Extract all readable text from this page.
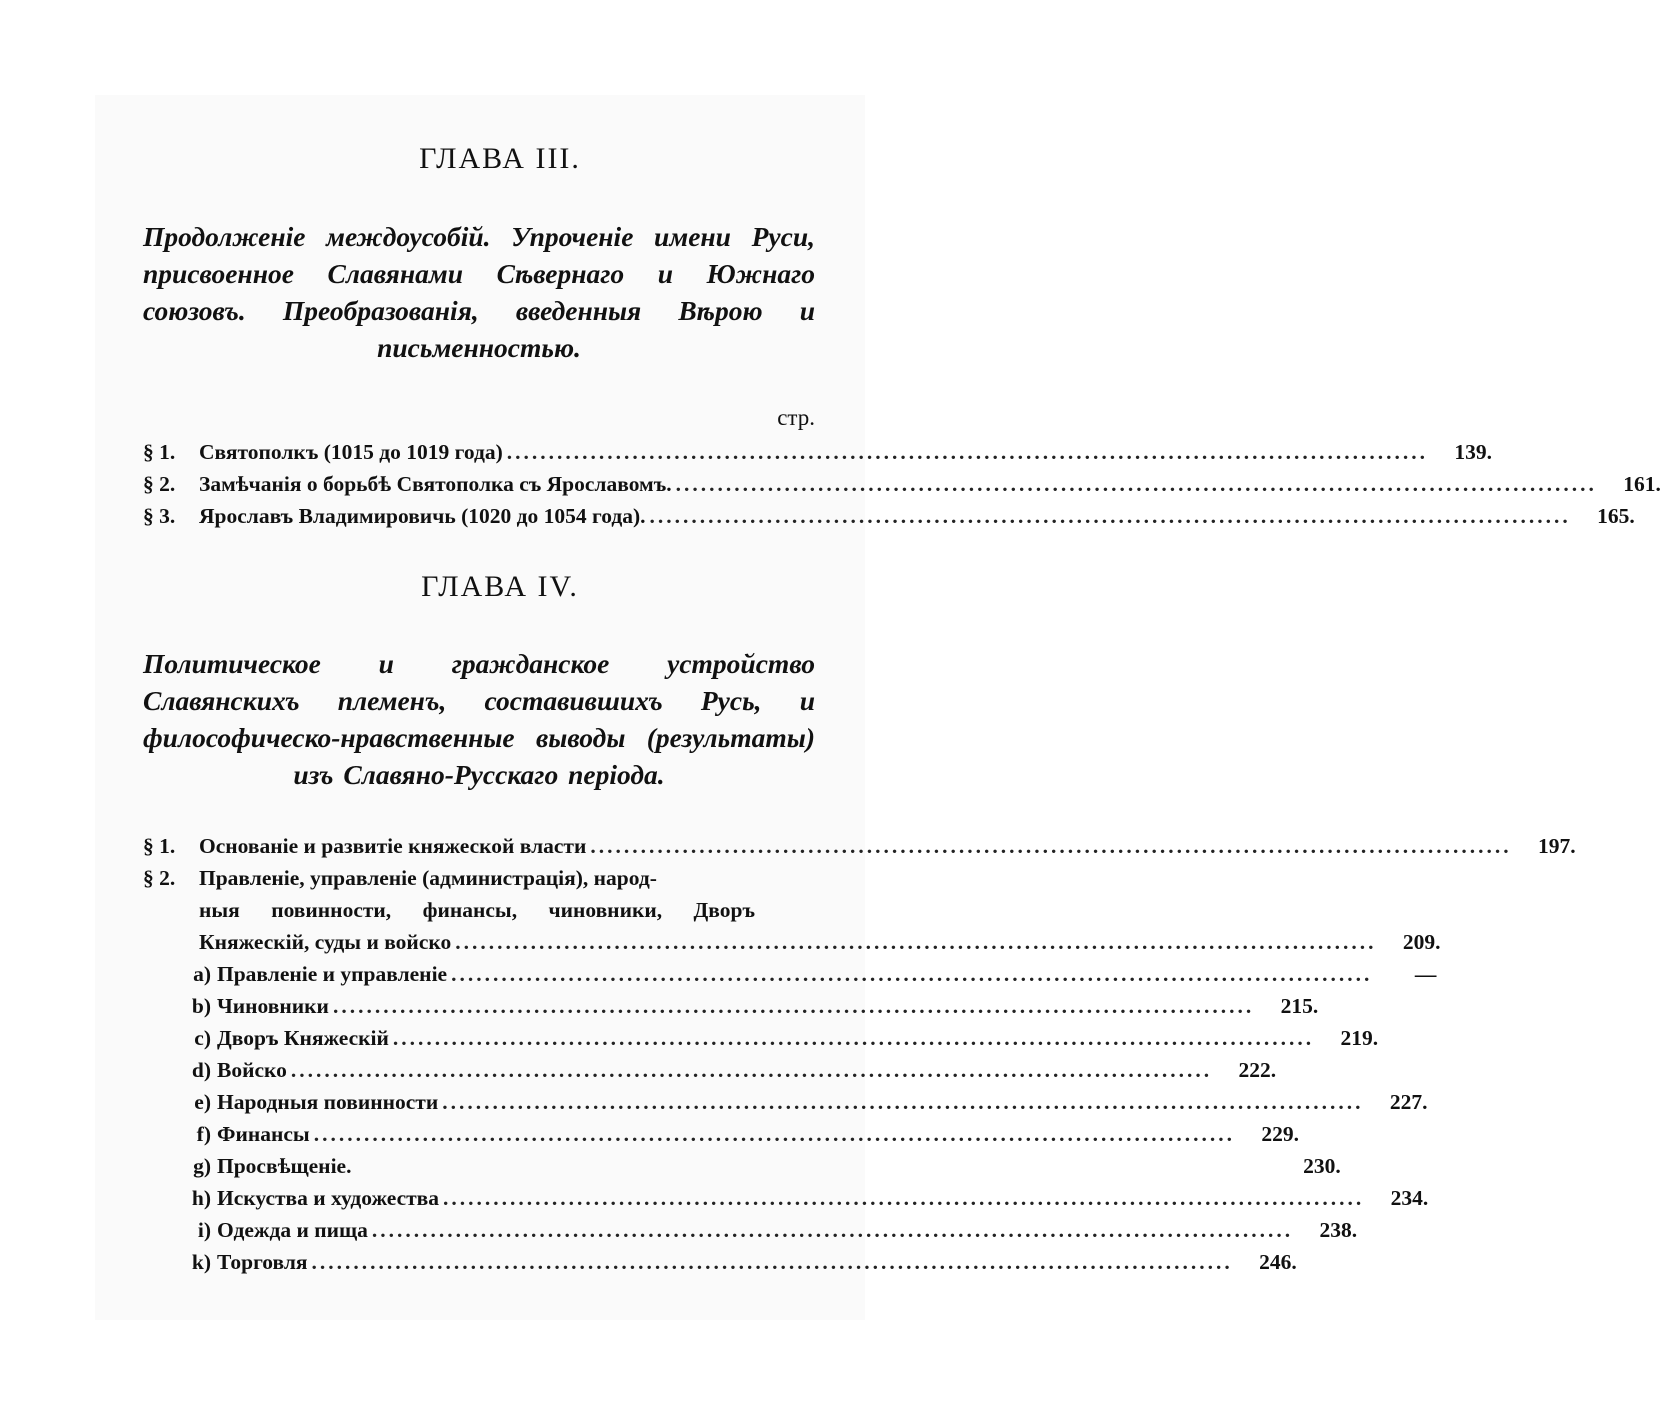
ГЛАВА III.
Продолженіе междоусобій. Упроченіе имени Руси, присвоенное Славянами Сѣвернаго и Южнаго союзовъ. Преобразованія, введенныя Вѣрою и письменностью.
стр.
§ 1.	Святополкъ (1015 до 1019 года) .....	139.
§ 2.	Замѣчанія о борьбѣ Святополка съ Ярославомъ. .....	161.
§ 3.	Ярославъ Владимировичь (1020 до 1054 года). .....	165.
ГЛАВА IV.
Политическое и гражданское устройство Славянскихъ племенъ, составившихъ Русь, и философическо-нравственные выводы (результаты) изъ Славяно-Русскаго періода.
§ 1.	Основаніе и развитіе княжеской власти .....	197.
§ 2.	Правленіе, управленіе (администрація), народ-
ныя повинности, финансы, чиновники, Дворъ
Княжескій, суды и войско .....	209.
a) Правленіе и управленіе .....	—
b) Чиновники .....	215.
c) Дворъ Княжескій .....	219.
d) Войско .....	222.
e) Народныя повинности .....	227.
f) Финансы .....	229.
g) Просвѣщеніе.	230.
h) Искуства и художества .....	234.
i) Одежда и пища .....	238.
k) Торговля .....	246.
